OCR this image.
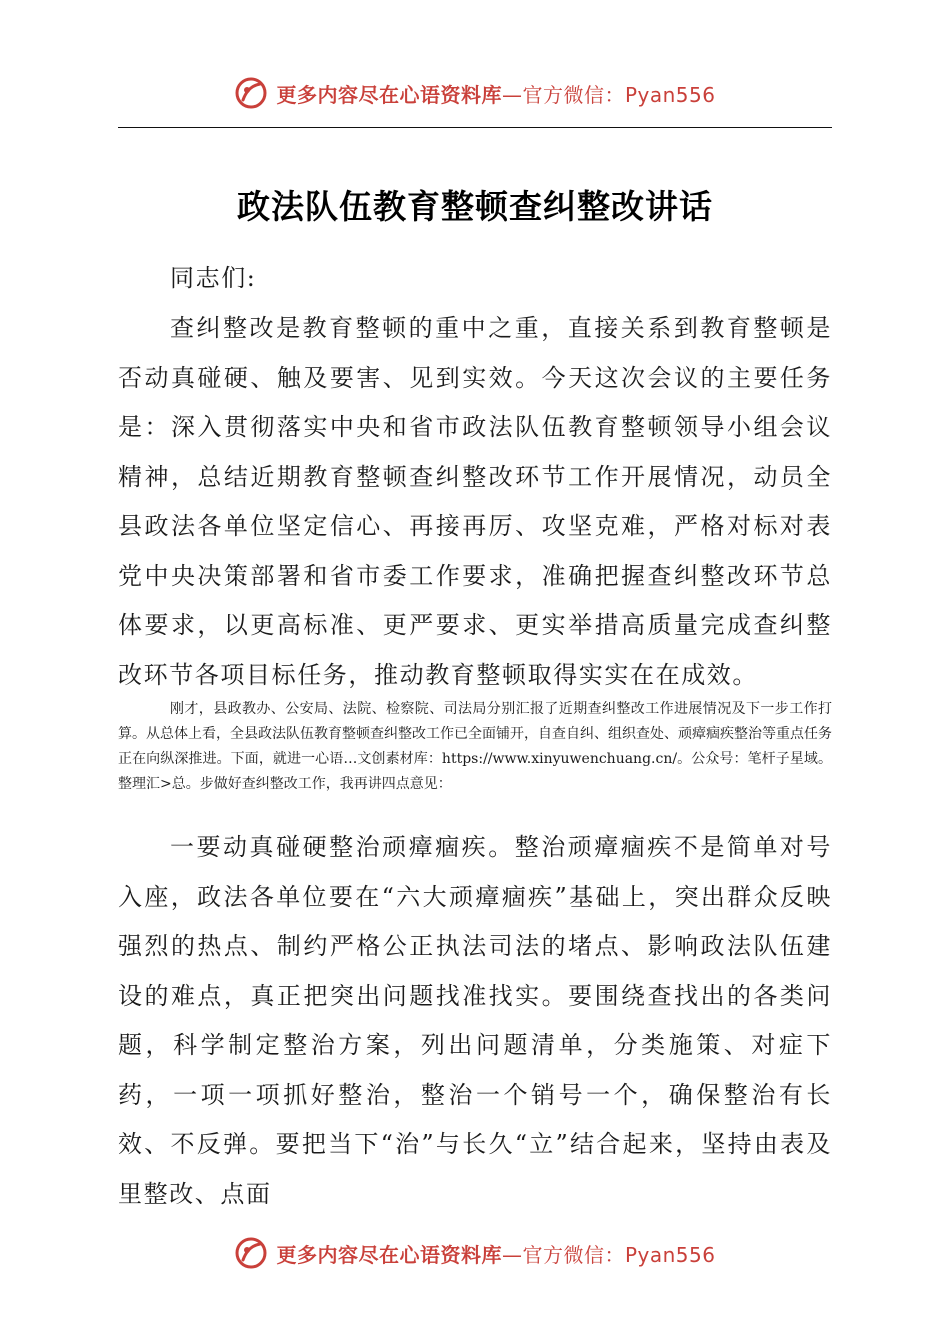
更多内容尽在心语资料库—官方微信：Pyan556
政法队伍教育整顿查纠整改讲话
同志们:
查纠整改是教育整顿的重中之重，直接关系到教育整顿是否动真碰硬、触及要害、见到实效。今天这次会议的主要任务是：深入贯彻落实中央和省市政法队伍教育整顿领导小组会议精神，总结近期教育整顿查纠整改环节工作开展情况，动员全县政法各单位坚定信心、再接再厉、攻坚克难，严格对标对表党中央决策部署和省市委工作要求，准确把握查纠整改环节总体要求，以更高标准、更严要求、更实举措高质量完成查纠整改环节各项目标任务，推动教育整顿取得实实在在成效。
刚才，县政教办、公安局、法院、检察院、司法局分别汇报了近期查纠整改工作进展情况及下一步工作打算。从总体上看，全县政法队伍教育整顿查纠整改工作已全面铺开，自查自纠、组织查处、顽瘴痼疾整治等重点任务正在向纵深推进。下面，就进一心语…文创素材库：https://www.xinyuwenchuang.cn/。公众号：笔杆子星域。整理汇>总。步做好查纠整改工作，我再讲四点意见：
一要动真碰硬整治顽瘴痼疾。整治顽瘴痼疾不是简单对号入座，政法各单位要在“六大顽瘴痼疾”基础上，突出群众反映强烈的热点、制约严格公正执法司法的堵点、影响政法队伍建设的难点，真正把突出问题找准找实。要围绕查找出的各类问题，科学制定整治方案，列出问题清单，分类施策、对症下药，一项一项抓好整治，整治一个销号一个，确保整治有长效、不反弹。要把当下“治”与长久“立”结合起来，坚持由表及里整改、点面
更多内容尽在心语资料库—官方微信：Pyan556
